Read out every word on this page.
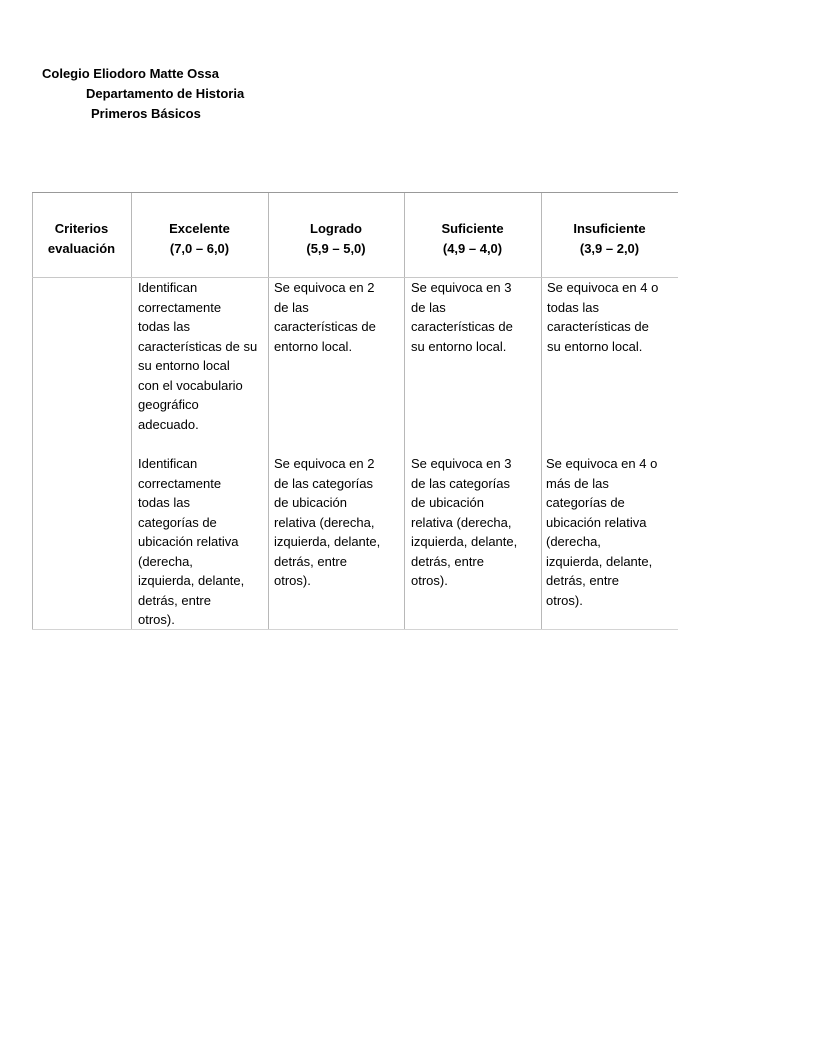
Colegio Eliodoro Matte Ossa
Departamento de Historia
Primeros Básicos
Criterios
evaluación
Excelente
(7,0 – 6,0)
Logrado
(5,9 – 5,0)
Suficiente
(4,9 – 4,0)
Insuficiente
(3,9 – 2,0)
Identifican
correctamente
todas las
características de su
su entorno local
con el vocabulario
geográfico
adecuado.
Se equivoca en 2
de las
características de
entorno local.
Se equivoca en 3
de las
características de
su entorno local.
Se equivoca en 4 o
todas las
características de
su entorno local.
Identifican
correctamente
todas las
categorías de
ubicación relativa
(derecha,
izquierda, delante,
detrás, entre
otros).
Se equivoca en 2
de las categorías
de ubicación
relativa (derecha,
izquierda, delante,
detrás, entre
otros).
Se equivoca en 3
de las categorías
de ubicación
relativa (derecha,
izquierda, delante,
detrás, entre
otros).
Se equivoca en 4 o
más de las
categorías de
ubicación relativa
(derecha,
izquierda, delante,
detrás, entre
otros).
